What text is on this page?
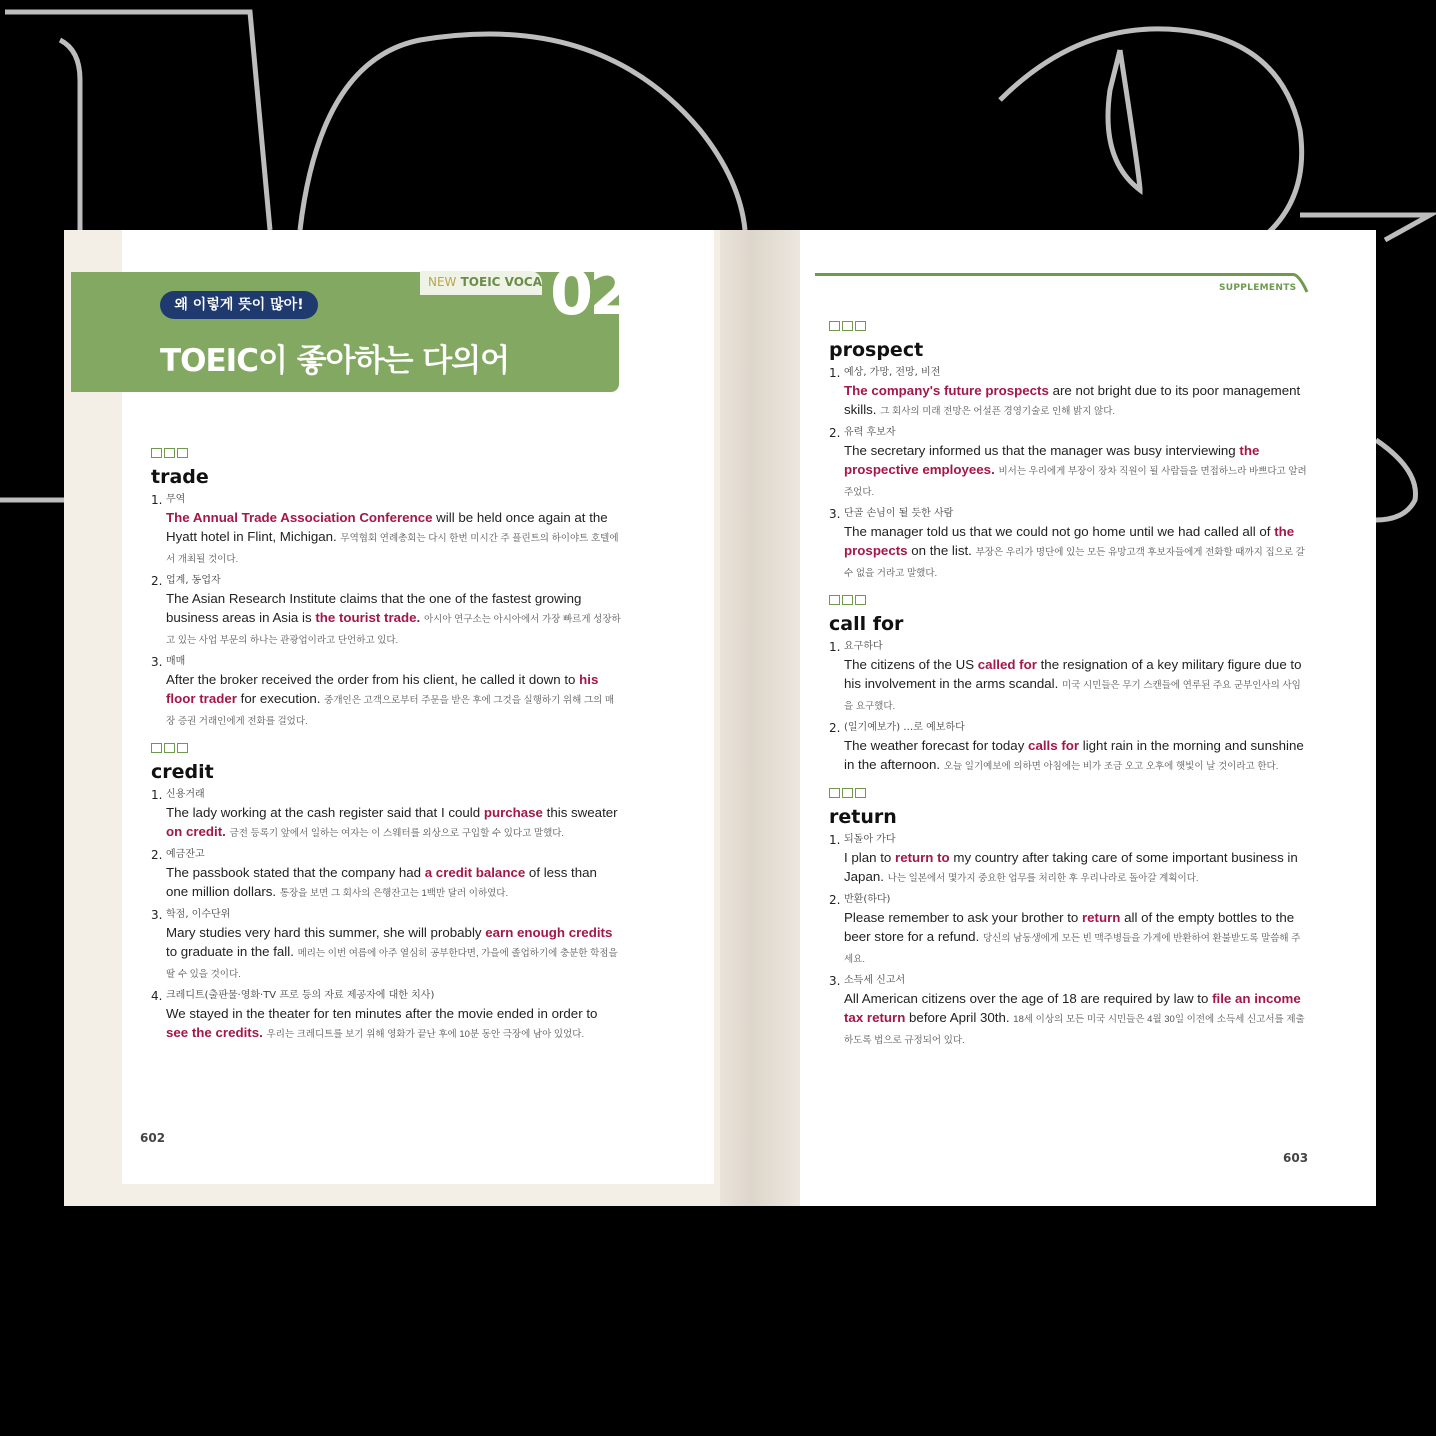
왜 이렇게 뜻이 많아!
NEW TOEIC VOCA 02
TOEIC이 좋아하는 다의어
SUPPLEMENTS
trade
1. 무역
The Annual Trade Association Conference will be held once again at the Hyatt hotel in Flint, Michigan. 무역협회 연례총회는 다시 한번 미시간 주 플린트의 하이야트 호텔에서 개최될 것이다.
2. 업계, 동업자
The Asian Research Institute claims that the one of the fastest growing business areas in Asia is the tourist trade. 아시아 연구소는 아시아에서 가장 빠르게 성장하고 있는 사업 부문의 하나는 관광업이라고 단언하고 있다.
3. 매매
After the broker received the order from his client, he called it down to his floor trader for execution. 중개인은 고객으로부터 주문을 받은 후에 그것을 실행하기 위해 그의 매장 증권 거래인에게 전화를 걸었다.
credit
1. 신용거래
The lady working at the cash register said that I could purchase this sweater on credit. 금전 등록기 앞에서 일하는 여자는 이 스웨터를 외상으로 구입할 수 있다고 말했다.
2. 예금잔고
The passbook stated that the company had a credit balance of less than one million dollars. 통장을 보면 그 회사의 은행잔고는 1백만 달러 이하였다.
3. 학점, 이수단위
Mary studies very hard this summer, she will probably earn enough credits to graduate in the fall. 메리는 이번 여름에 아주 열심히 공부한다면, 가을에 졸업하기에 충분한 학점을 딸 수 있을 것이다.
4. 크레디트(출판물·영화·TV 프로 등의 자료 제공자에 대한 치사)
We stayed in the theater for ten minutes after the movie ended in order to see the credits. 우리는 크레디트를 보기 위해 영화가 끝난 후에 10분 동안 극장에 남아 있었다.
prospect
1. 예상, 가망, 전망, 비전
The company's future prospects are not bright due to its poor management skills. 그 회사의 미래 전망은 어설픈 경영기술로 인해 밝지 않다.
2. 유력 후보자
The secretary informed us that the manager was busy interviewing the prospective employees. 비서는 우리에게 부장이 장차 직원이 될 사람들을 면접하느라 바쁘다고 알려주었다.
3. 단골 손님이 될 듯한 사람
The manager told us that we could not go home until we had called all of the prospects on the list. 부장은 우리가 명단에 있는 모든 유망고객 후보자들에게 전화할 때까지 집으로 갈 수 없을 거라고 말했다.
call for
1. 요구하다
The citizens of the US called for the resignation of a key military figure due to his involvement in the arms scandal. 미국 시민들은 무기 스캔들에 연루된 주요 군부인사의 사임을 요구했다.
2. (일기예보가) …로 예보하다
The weather forecast for today calls for light rain in the morning and sunshine in the afternoon. 오늘 일기예보에 의하면 아침에는 비가 조금 오고 오후에 햇빛이 날 것이라고 한다.
return
1. 되돌아 가다
I plan to return to my country after taking care of some important business in Japan. 나는 일본에서 몇가지 중요한 업무를 처리한 후 우리나라로 돌아갈 계획이다.
2. 반환(하다)
Please remember to ask your brother to return all of the empty bottles to the beer store for a refund. 당신의 남동생에게 모든 빈 맥주병들을 가게에 반환하여 환불받도록 말씀해 주세요.
3. 소득세 신고서
All American citizens over the age of 18 are required by law to file an income tax return before April 30th. 18세 이상의 모든 미국 시민들은 4월 30일 이전에 소득세 신고서를 제출하도록 법으로 규정되어 있다.
602
603
